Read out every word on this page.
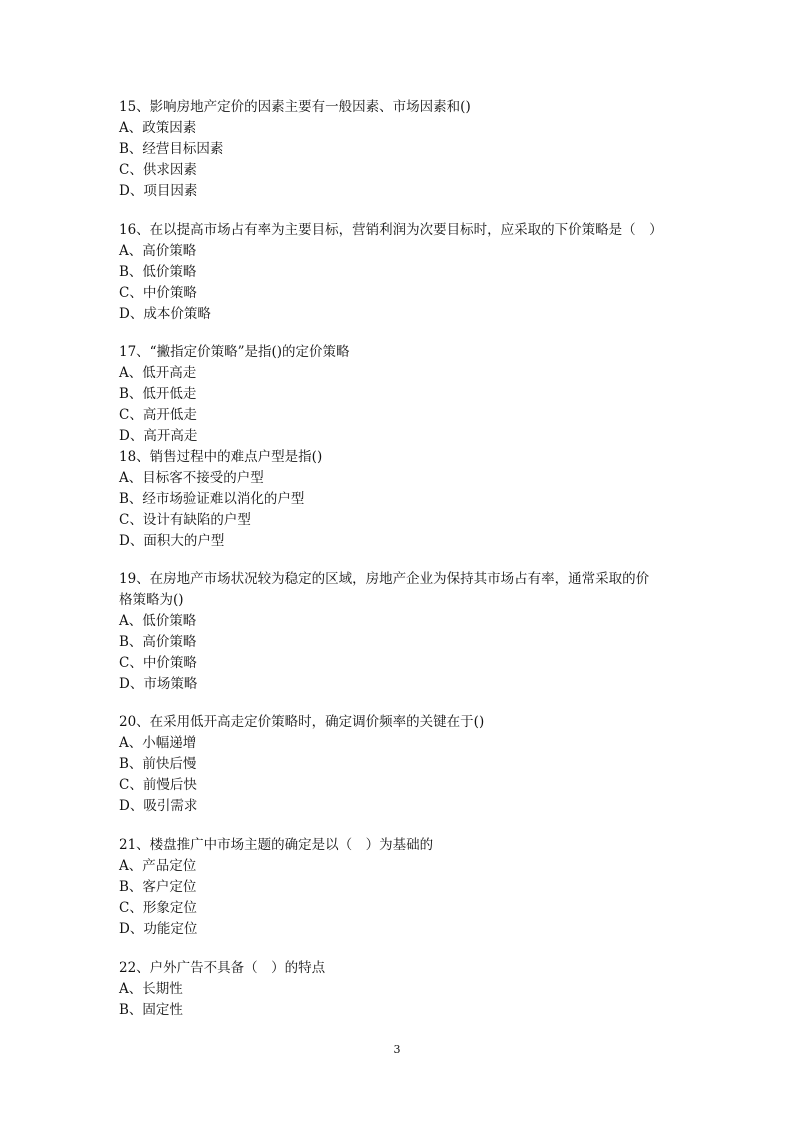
15、影响房地产定价的因素主要有一般因素、市场因素和()
A、政策因素
B、经营目标因素
C、供求因素
D、项目因素
16、在以提高市场占有率为主要目标，营销利润为次要目标时，应采取的下价策略是（　）
A、高价策略
B、低价策略
C、中价策略
D、成本价策略
17、“撇指定价策略”是指()的定价策略
A、低开高走
B、低开低走
C、高开低走
D、高开高走
18、销售过程中的难点户型是指()
A、目标客不接受的户型
B、经市场验证难以消化的户型
C、设计有缺陷的户型
D、面积大的户型
19、在房地产市场状况较为稳定的区域，房地产企业为保持其市场占有率，通常采取的价
格策略为()
A、低价策略
B、高价策略
C、中价策略
D、市场策略
20、在采用低开高走定价策略时，确定调价频率的关键在于()
A、小幅递增
B、前快后慢
C、前慢后快
D、吸引需求
21、楼盘推广中市场主题的确定是以（　）为基础的
A、产品定位
B、客户定位
C、形象定位
D、功能定位
22、户外广告不具备（　）的特点
A、长期性
B、固定性
3
